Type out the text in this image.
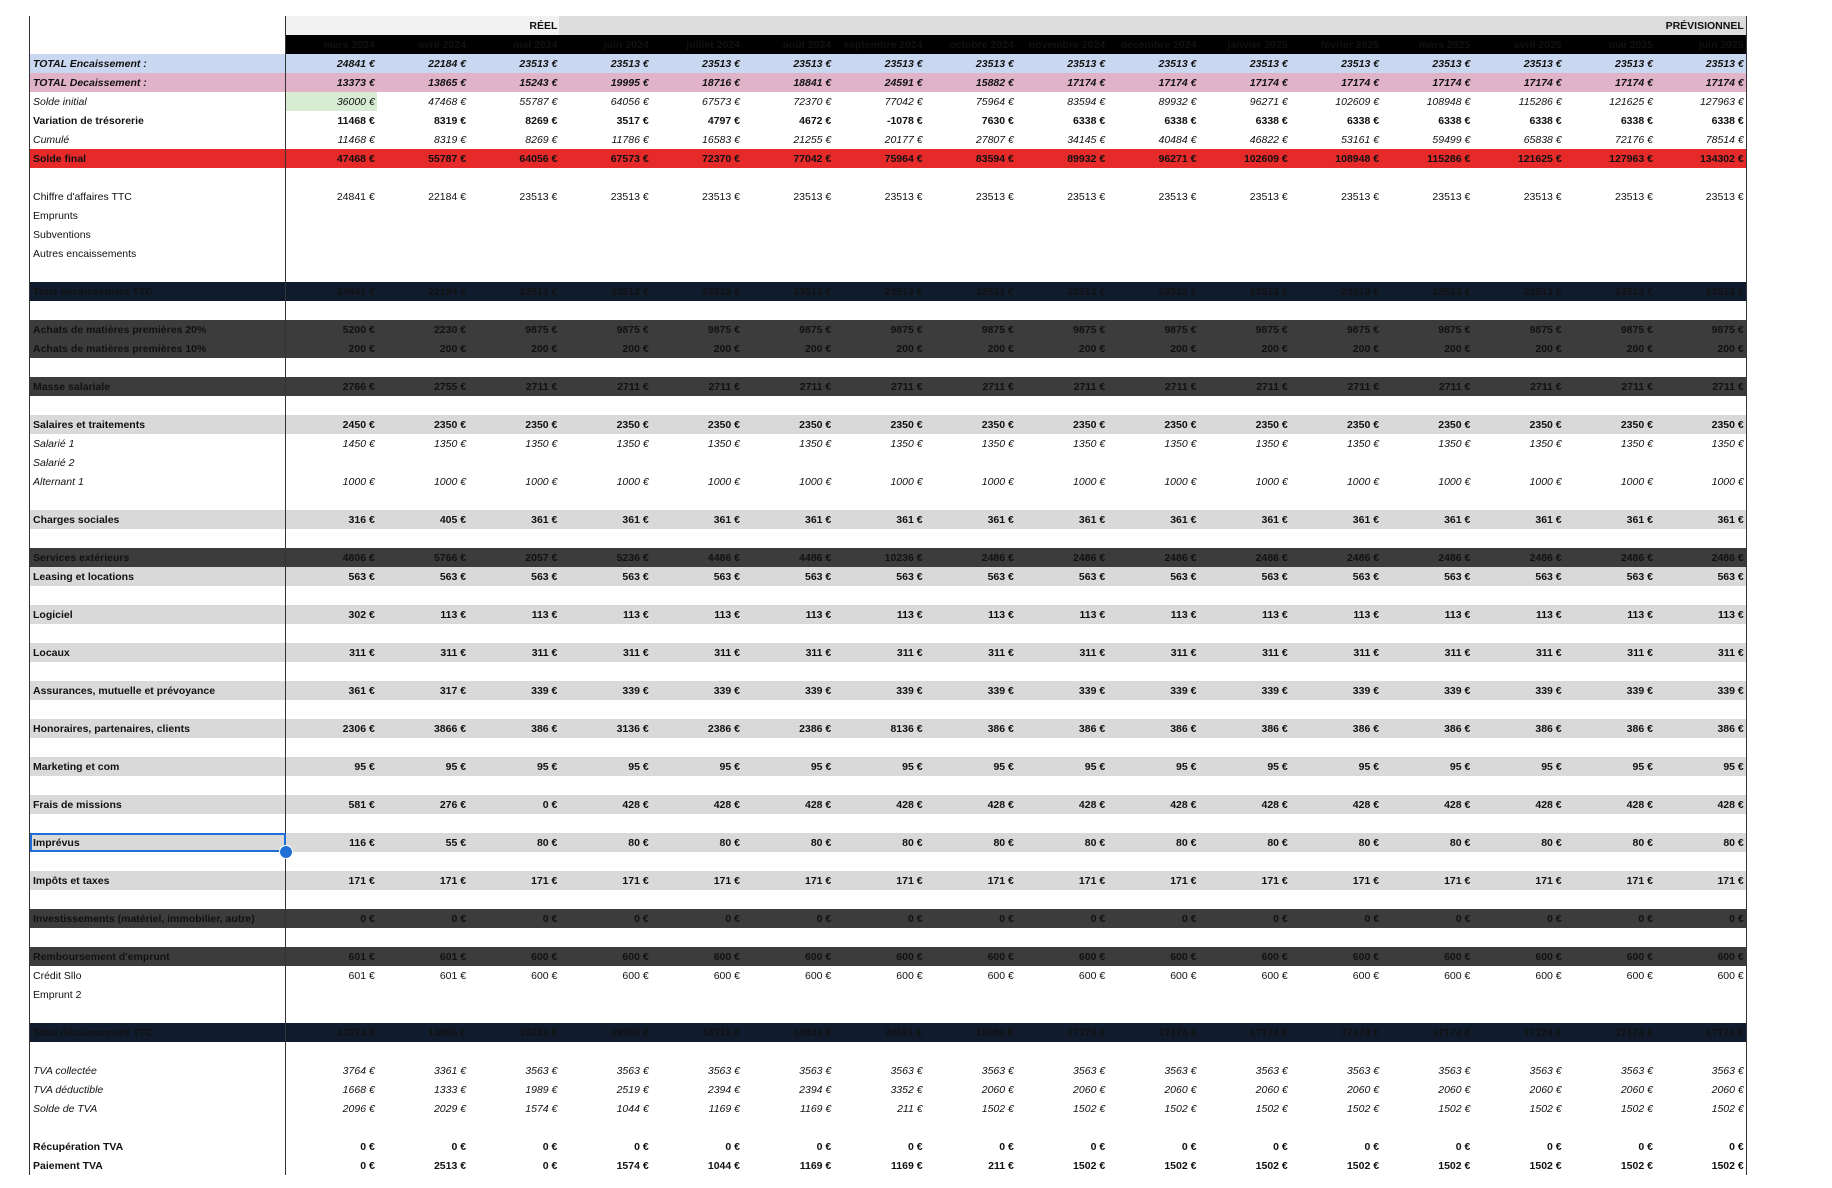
	RÉEL			PRÉVISIONNEL												
	mars 2024	avril 2024	mai 2024	juin 2024	juillet 2024	août 2024	septembre 2024	octobre 2024	novembre 2024	décembre 2024	janvier 2025	février 2025	mars 2025	avril 2025	mai 2025	juin 2025
TOTAL Encaissement :	24841 €	22184 €	23513 €	23513 €	23513 €	23513 €	23513 €	23513 €	23513 €	23513 €	23513 €	23513 €	23513 €	23513 €	23513 €	23513 €
TOTAL Decaissement :	13373 €	13865 €	15243 €	19995 €	18716 €	18841 €	24591 €	15882 €	17174 €	17174 €	17174 €	17174 €	17174 €	17174 €	17174 €	17174 €
Solde initial	36000 €	47468 €	55787 €	64056 €	67573 €	72370 €	77042 €	75964 €	83594 €	89932 €	96271 €	102609 €	108948 €	115286 €	121625 €	127963 €
Variation de trésorerie	11468 €	8319 €	8269 €	3517 €	4797 €	4672 €	-1078 €	7630 €	6338 €	6338 €	6338 €	6338 €	6338 €	6338 €	6338 €	6338 €
Cumulé	11468 €	8319 €	8269 €	11786 €	16583 €	21255 €	20177 €	27807 €	34145 €	40484 €	46822 €	53161 €	59499 €	65838 €	72176 €	78514 €
Solde final	47468 €	55787 €	64056 €	67573 €	72370 €	77042 €	75964 €	83594 €	89932 €	96271 €	102609 €	108948 €	115286 €	121625 €	127963 €	134302 €

Chiffre d'affaires TTC	24841 €	22184 €	23513 €	23513 €	23513 €	23513 €	23513 €	23513 €	23513 €	23513 €	23513 €	23513 €	23513 €	23513 €	23513 €	23513 €
Emprunts																
Subventions																
Autres encaissements																

Total encaissement TTC	24841 €	22184 €	23513 €	23513 €	23513 €	23513 €	23513 €	23513 €	23513 €	23513 €	23513 €	23513 €	23513 €	23513 €	23513 €	23513 €

Achats de matières premières 20%	5200 €	2230 €	9875 €	9875 €	9875 €	9875 €	9875 €	9875 €	9875 €	9875 €	9875 €	9875 €	9875 €	9875 €	9875 €	9875 €
Achats de matières premières 10%	200 €	200 €	200 €	200 €	200 €	200 €	200 €	200 €	200 €	200 €	200 €	200 €	200 €	200 €	200 €	200 €

Masse salariale	2766 €	2755 €	2711 €	2711 €	2711 €	2711 €	2711 €	2711 €	2711 €	2711 €	2711 €	2711 €	2711 €	2711 €	2711 €	2711 €

Salaires et traitements	2450 €	2350 €	2350 €	2350 €	2350 €	2350 €	2350 €	2350 €	2350 €	2350 €	2350 €	2350 €	2350 €	2350 €	2350 €	2350 €
Salarié 1	1450 €	1350 €	1350 €	1350 €	1350 €	1350 €	1350 €	1350 €	1350 €	1350 €	1350 €	1350 €	1350 €	1350 €	1350 €	1350 €
Salarié 2																
Alternant 1	1000 €	1000 €	1000 €	1000 €	1000 €	1000 €	1000 €	1000 €	1000 €	1000 €	1000 €	1000 €	1000 €	1000 €	1000 €	1000 €

Charges sociales	316 €	405 €	361 €	361 €	361 €	361 €	361 €	361 €	361 €	361 €	361 €	361 €	361 €	361 €	361 €	361 €

Services extérieurs	4806 €	5766 €	2057 €	5236 €	4486 €	4486 €	10236 €	2486 €	2486 €	2486 €	2486 €	2486 €	2486 €	2486 €	2486 €	2486 €
Leasing et locations	563 €	563 €	563 €	563 €	563 €	563 €	563 €	563 €	563 €	563 €	563 €	563 €	563 €	563 €	563 €	563 €

Logiciel	302 €	113 €	113 €	113 €	113 €	113 €	113 €	113 €	113 €	113 €	113 €	113 €	113 €	113 €	113 €	113 €

Locaux	311 €	311 €	311 €	311 €	311 €	311 €	311 €	311 €	311 €	311 €	311 €	311 €	311 €	311 €	311 €	311 €

Assurances, mutuelle et prévoyance	361 €	317 €	339 €	339 €	339 €	339 €	339 €	339 €	339 €	339 €	339 €	339 €	339 €	339 €	339 €	339 €

Honoraires, partenaires, clients	2306 €	3866 €	386 €	3136 €	2386 €	2386 €	8136 €	386 €	386 €	386 €	386 €	386 €	386 €	386 €	386 €	386 €

Marketing et com	95 €	95 €	95 €	95 €	95 €	95 €	95 €	95 €	95 €	95 €	95 €	95 €	95 €	95 €	95 €	95 €

Frais de missions	581 €	276 €	0 €	428 €	428 €	428 €	428 €	428 €	428 €	428 €	428 €	428 €	428 €	428 €	428 €	428 €

Imprévus	116 €	55 €	80 €	80 €	80 €	80 €	80 €	80 €	80 €	80 €	80 €	80 €	80 €	80 €	80 €	80 €

Impôts et taxes	171 €	171 €	171 €	171 €	171 €	171 €	171 €	171 €	171 €	171 €	171 €	171 €	171 €	171 €	171 €	171 €

Investissements (matériel, immobilier, autre)	0 €	0 €	0 €	0 €	0 €	0 €	0 €	0 €	0 €	0 €	0 €	0 €	0 €	0 €	0 €	0 €

Remboursement d'emprunt	601 €	601 €	600 €	600 €	600 €	600 €	600 €	600 €	600 €	600 €	600 €	600 €	600 €	600 €	600 €	600 €
Crédit Sllo	601 €	601 €	600 €	600 €	600 €	600 €	600 €	600 €	600 €	600 €	600 €	600 €	600 €	600 €	600 €	600 €
Emprunt 2																

Total décaissement TTC	13373 €	13865 €	15243 €	19995 €	18716 €	18841 €	24591 €	15882 €	17174 €	17174 €	17174 €	17174 €	17174 €	17174 €	17174 €	17174 €

TVA collectée	3764 €	3361 €	3563 €	3563 €	3563 €	3563 €	3563 €	3563 €	3563 €	3563 €	3563 €	3563 €	3563 €	3563 €	3563 €	3563 €
TVA déductible	1668 €	1333 €	1989 €	2519 €	2394 €	2394 €	3352 €	2060 €	2060 €	2060 €	2060 €	2060 €	2060 €	2060 €	2060 €	2060 €
Solde de TVA	2096 €	2029 €	1574 €	1044 €	1169 €	1169 €	211 €	1502 €	1502 €	1502 €	1502 €	1502 €	1502 €	1502 €	1502 €	1502 €

Récupération TVA	0 €	0 €	0 €	0 €	0 €	0 €	0 €	0 €	0 €	0 €	0 €	0 €	0 €	0 €	0 €	0 €
Paiement TVA	0 €	2513 €	0 €	1574 €	1044 €	1169 €	1169 €	211 €	1502 €	1502 €	1502 €	1502 €	1502 €	1502 €	1502 €	1502 €
